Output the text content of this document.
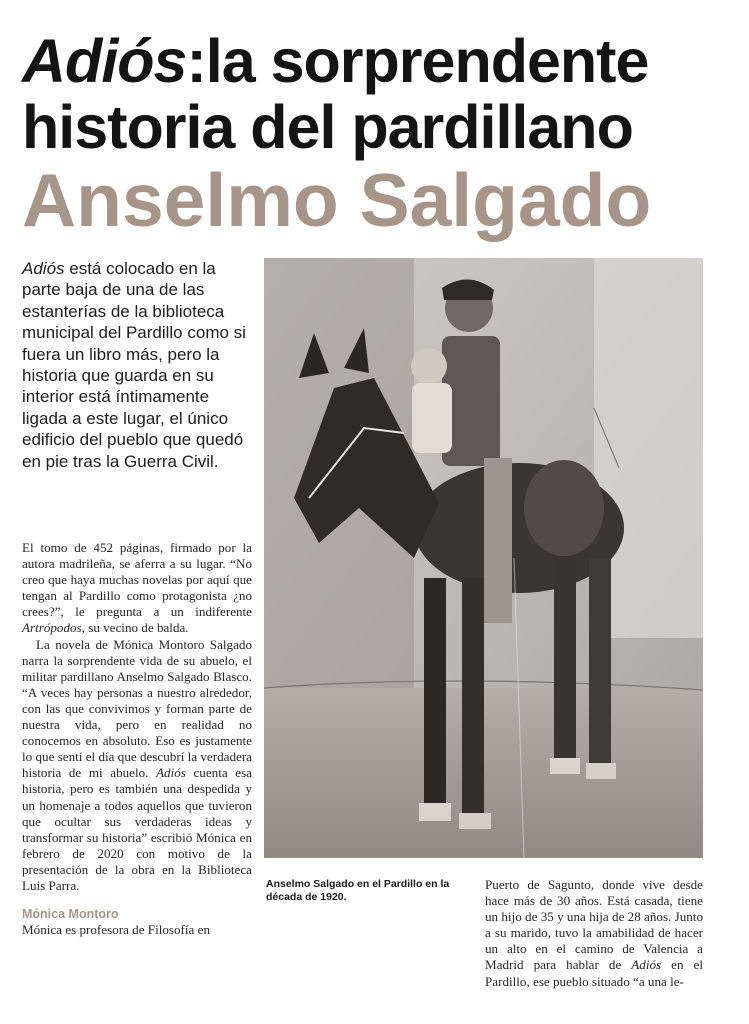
Adiós:la sorprendente
historia del pardillano
Anselmo Salgado
Adiós está colocado en la parte baja de una de las estanterías de la biblioteca municipal del Pardillo como si fuera un libro más, pero la historia que guarda en su interior está íntimamente ligada a este lugar, el único edificio del pueblo que quedó en pie tras la Guerra Civil.

El tomo de 452 páginas, firmado por la autora madrileña, se aferra a su lugar. “No creo que haya muchas novelas por aquí que tengan al Pardillo como protagonista ¿no crees?”, le pregunta a un indiferente Artrópodos, su vecino de balda.

La novela de Mónica Montoro Salgado narra la sorprendente vida de su abuelo, el militar pardillano Anselmo Salgado Blasco. “A veces hay personas a nuestro alrededor, con las que convivimos y forman parte de nuestra vida, pero en realidad no conocemos en absoluto. Eso es justamente lo que sentí el día que descubrí la verdadera historia de mi abuelo. Adiós cuenta esa historia, pero es también una despedida y un homenaje a todos aquellos que tuvieron que ocultar sus verdaderas ideas y transformar su historia” escribió Mónica en febrero de 2020 con motivo de la presentación de la obra en la Biblioteca Luis Parra.

Mónica Montoro

Mónica es profesora de Filosofía en

Anselmo Salgado en el Pardillo en la década de 1920.

Puerto de Sagunto, donde vive desde hace más de 30 años. Está casada, tiene un hijo de 35 y una hija de 28 años. Junto a su marido, tuvo la amabilidad de hacer un alto en el camino de Valencia a Madrid para hablar de Adiós en el Pardillo, ese pueblo situado “a una le-
